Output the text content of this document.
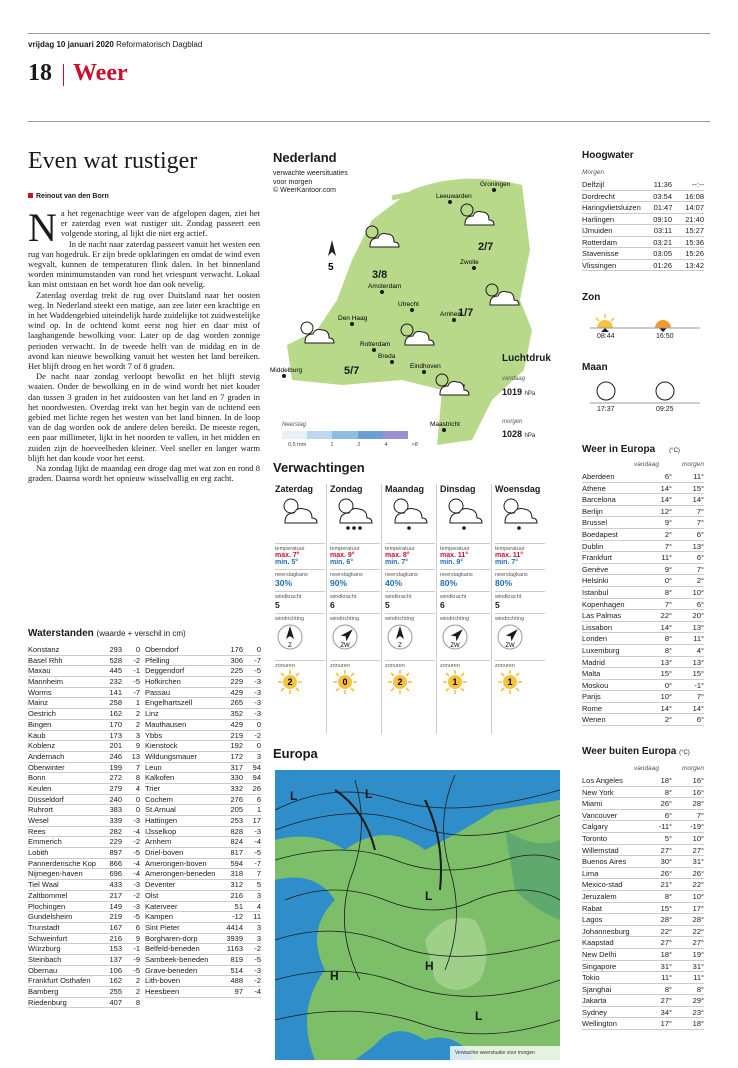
vrijdag 10 januari 2020 Reformatorisch Dagblad
18 Weer
Even wat rustiger
Reinout van den Born

Na het regenachtige weer van de afgelopen dagen, ziet het er zaterdag even wat rustiger uit. Zondag passeert een volgende storing, al lijkt die niet erg actief.

In de nacht naar zaterdag passeert vanuit het westen een rug van hogedruk. Er zijn brede opklaringen en omdat de wind even wegvalt, kunnen de temperaturen flink dalen. In het binnenland worden minimumstanden van rond het vriespunt verwacht. Lokaal kan mist ontstaan en het wordt hoe dan ook nevelig.

Zaterdag overdag trekt de rug over Duitsland naar het oosten weg. In Nederland steekt een matige, aan zee later een krachtige en in het Waddengebied uiteindelijk harde zuidelijke tot zuidwestelijke wind op. In de ochtend komt eerst nog hier en daar mist of laaghangende bewolking voor. Later op de dag worden zonnige perioden verwacht. In de tweede helft van de middag en in de avond kan nieuwe bewolking vanuit het westen het land bereiken. Het blijft droog en het wordt 7 of 8 graden.

De nacht naar zondag verloopt bewolkt en het blijft stevig waaien. Onder de bewolking en in de wind wordt het niet kouder dan tussen 3 graden in het zuidoosten van het land en 7 graden in het noordwesten. Overdag trekt van het begin van de ochtend een gebied met lichte regen het westen van het land binnen. In de loop van de dag worden ook de andere delen bereikt. De meeste regen, een paar millimeter, lijkt in het noorden te vallen, in het midden en zuiden zijn de hoeveelheden kleiner. Veel sneller en langer warm blijft het dan koude voor het eerst.

Na zondag lijkt de maandag een droge dag met wat zon en rond 8 graden. Daarna wordt het opnieuw wisselvallig en erg zacht.

Waterstanden (waarde + verschil in cm)
Konstanz	293	0
Basel Rhh	528	-2
Maxau	445	-1
Mannheim	232	-5
Worms	141	-7
Mainz	258	1
Oestrich	162	2
Bingen	170	2
Kaub	173	3
Koblenz	201	9
Andernach	246	13
Oberwinter	199	7
Bonn	272	8
Keulen	279	4
Düsseldorf	240	0
Ruhrort	383	0
Wesel	339	-3
Rees	282	-4
Emmerich	229	-2
Lobith	897	-5
Pannerdensche Kop	866	-4
Nijmegen-haven	696	-4
Tiel Waal	433	-3
Zaltbommel	217	-2
Plochingen	149	-3
Gundelsheim	219	-5
Trunstadt	167	6
Schweinfurt	216	9
Würzburg	153	-1
Steinbach	137	-9
Obernau	106	-5
Frankfurt Osthafen	162	2
Bamberg	255	2
Riedenburg	407	8
Oberndorf	176	0
Pfelling	306	-7
Deggendorf	225	-5
Hofkirchen	229	-3
Passau	429	-3
Engelhartszell	265	-3
Linz	352	-3
Mauthausen	429	0
Ybbs	219	-2
Kienstock	192	0
Wildungsmauer	172	3
Leun	317	94
Kalkofen	330	94
Trier	332	26
Cochem	276	6
St.Arnual	205	1
Hattingen	253	17
IJsselkop	828	-3
Arnhem	824	-4
Driel-boven	817	-5
Amerongen-boven	594	-7
Amerongen-beneden	318	7
Deventer	312	5
Olst	216	3
Katerveer	51	4
Kampen	-12	11
Sint Pieter	4414	3
Borgharen-dorp	3939	3
Belfeld-beneden	1163	-2
Sambeek-beneden	819	-5
Grave-beneden	514	-3
Lith-boven	488	-2
Heesbeen	97	-4
Nederland
verwachte weersituaties
voor morgen
© WeerKantoor.com
Leeuwarden
Groningen
Zwolle
Amsterdam
Utrecht
Den Haag
Rotterdam
Breda
Arnhem
Middelburg
Eindhoven
Maastricht
2/7
3/8
1/7
5/7
5
Luchtdruk
vandaag
1019 hPa
morgen
1028 hPa
Neerslag
0,5 mm	1	2	4	>8
Verwachtingen
Zaterdag
temperatuur
max. 7°
min. 5°
neerslagkans
30%
windkracht
5
windrichting
Z
zonuren
2
Zondag
temperatuur
max. 9°
min. 6°
neerslagkans
90%
windkracht
6
windrichting
ZW
zonuren
0
Maandag
temperatuur
max. 8°
min. 7°
neerslagkans
40%
windkracht
5
windrichting
Z
zonuren
2
Dinsdag
temperatuur
max. 11°
min. 9°
neerslagkans
80%
windkracht
6
windrichting
ZW
zonuren
1
Woensdag
temperatuur
max. 11°
min. 7°
neerslagkans
80%
windkracht
5
windrichting
ZW
zonuren
1
Europa
L	L
L
H
H
L
Verwachte weerstuatie voor morgen
Hoogwater
Morgen
Delfzijl	11:36	--:--
Dordrecht	03:54	16:08
Haringvlietsluizen	01:47	14:07
Harlingen	09:10	21:40
IJmuiden	03:11	15:27
Rotterdam	03:21	15:36
Stavenisse	03:05	15:26
Vlissingen	01:26	13:42
Zon
08:44	16:50
Maan
17:37	09:25
Weer in Europa (°C)
vandaag	morgen
Aberdeen	6°	11°
Athene	14°	15°
Barcelona	14°	14°
Berlijn	12°	7°
Brussel	9°	7°
Boedapest	2°	6°
Dublin	7°	13°
Frankfurt	11°	6°
Genève	9°	7°
Helsinki	0°	2°
Istanbul	8°	10°
Kopenhagen	7°	6°
Las Palmas	22°	20°
Lissabon	14°	13°
Londen	8°	11°
Luxemburg	8°	4°
Madrid	13°	13°
Malta	15°	15°
Moskou	0°	-1°
Parijs	10°	7°
Rome	14°	14°
Wenen	2°	6°
Weer buiten Europa (°C)
vandaag	morgen
Los Angeles	18°	16°
New York	8°	16°
Miami	26°	28°
Vancouver	6°	7°
Calgary	-11°	-19°
Toronto	5°	10°
Willemstad	27°	27°
Buenos Aires	30°	31°
Lima	26°	26°
Mexico-stad	21°	22°
Jeruzalem	8°	10°
Rabat	15°	17°
Lagos	28°	28°
Johannesburg	22°	22°
Kaapstad	27°	27°
New Delhi	18°	19°
Singapore	31°	31°
Tokio	11°	11°
Sjanghai	8°	8°
Jakarta	27°	29°
Sydney	34°	23°
Wellington	17°	18°
